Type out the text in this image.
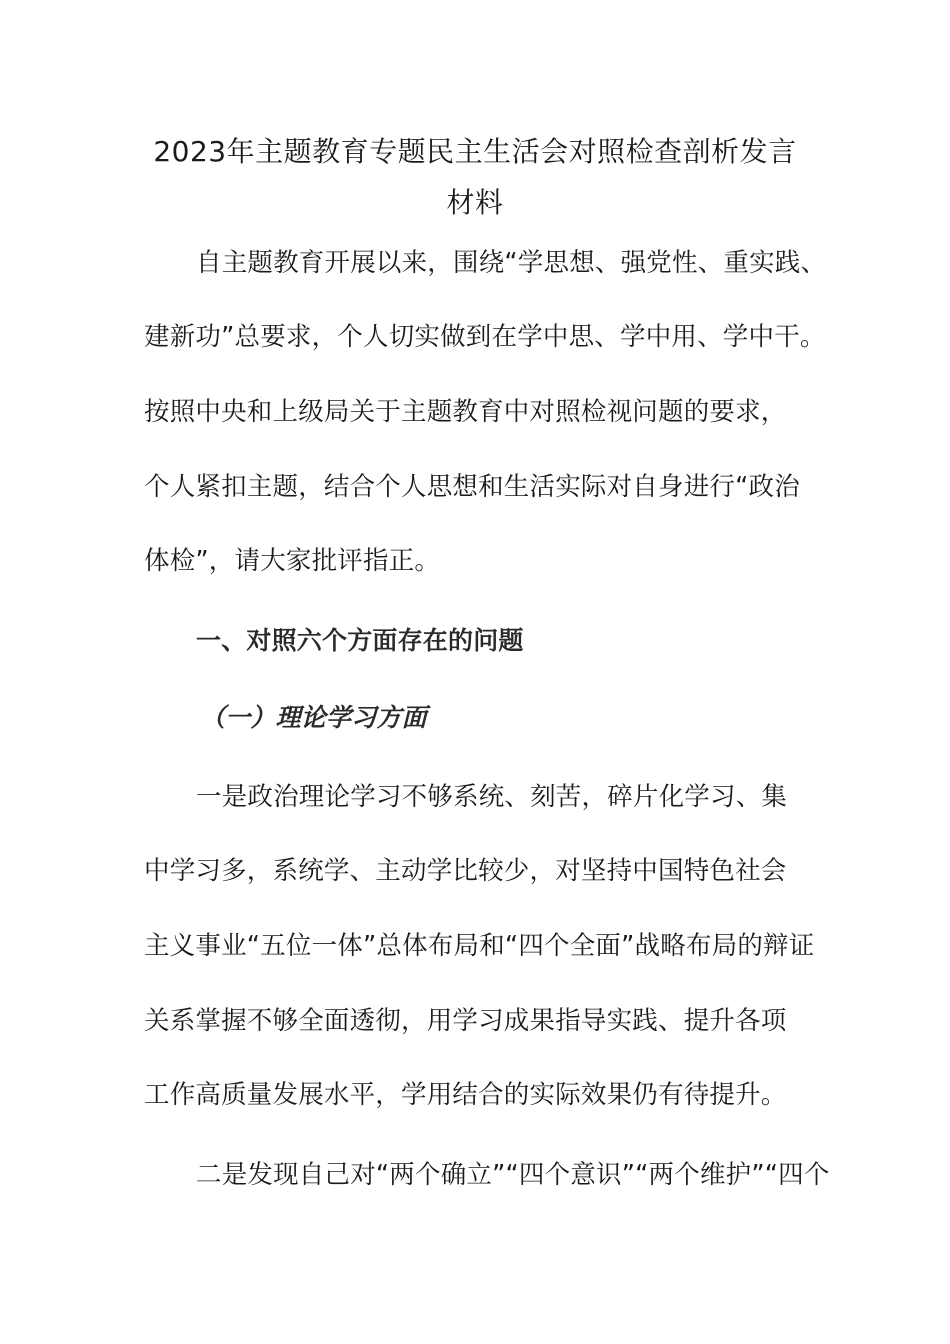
2023年主题教育专题民主生活会对照检查剖析发言
材料
自主题教育开展以来，围绕“学思想、强党性、重实践、
建新功”总要求，个人切实做到在学中思、学中用、学中干。
按照中央和上级局关于主题教育中对照检视问题的要求，
个人紧扣主题，结合个人思想和生活实际对自身进行“政治
体检”，请大家批评指正。
一、对照六个方面存在的问题
（一）理论学习方面
一是政治理论学习不够系统、刻苦，碎片化学习、集
中学习多，系统学、主动学比较少，对坚持中国特色社会
主义事业“五位一体”总体布局和“四个全面”战略布局的辩证
关系掌握不够全面透彻，用学习成果指导实践、提升各项
工作高质量发展水平，学用结合的实际效果仍有待提升。
二是发现自己对“两个确立”“四个意识”“两个维护”“四个
